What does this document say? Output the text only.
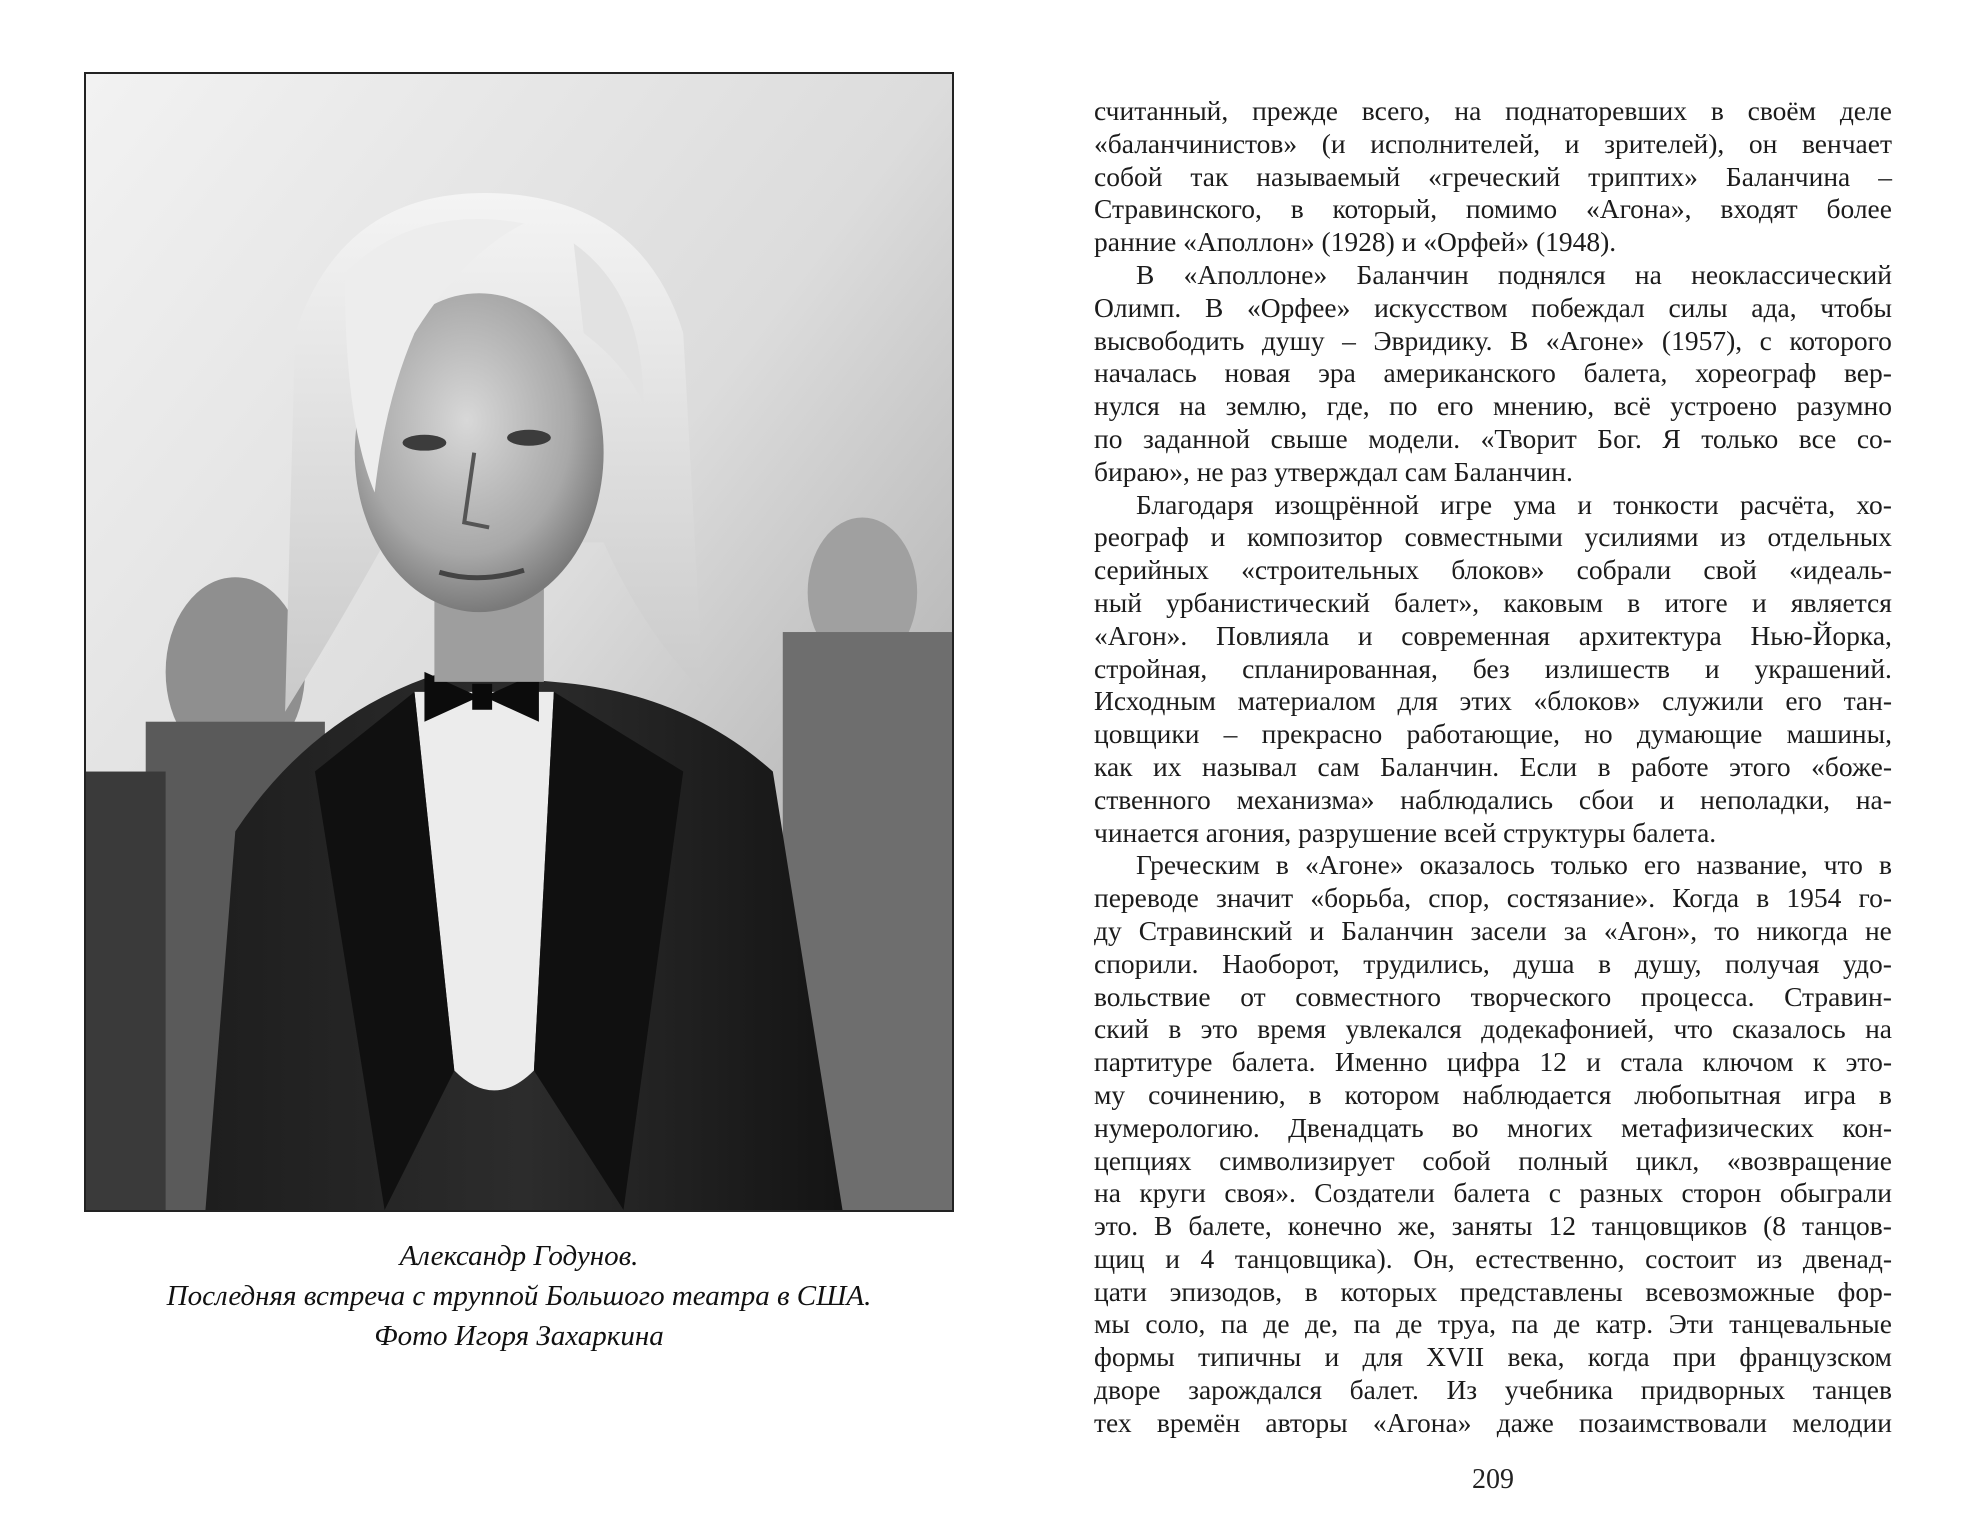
Александр Годунов.
Последняя встреча с труппой Большого театра в США.
Фото Игоря Захаркина

считанный, прежде всего, на поднаторевших в своём деле
«баланчинистов» (и исполнителей, и зрителей), он венчает
собой так называемый «греческий триптих» Баланчина –
Стравинского, в который, помимо «Агона», входят более
ранние «Аполлон» (1928) и «Орфей» (1948).

В «Аполлоне» Баланчин поднялся на неоклассический
Олимп. В «Орфее» искусством побеждал силы ада, чтобы
высвободить душу – Эвридику. В «Агоне» (1957), с которого
началась новая эра американского балета, хореограф вер-
нулся на землю, где, по его мнению, всё устроено разумно
по заданной свыше модели. «Творит Бог. Я только все со-
бираю», не раз утверждал сам Баланчин.

Благодаря изощрённой игре ума и тонкости расчёта, хо-
реограф и композитор совместными усилиями из отдельных
серийных «строительных блоков» собрали свой «идеаль-
ный урбанистический балет», каковым в итоге и является
«Агон». Повлияла и современная архитектура Нью-Йорка,
стройная, спланированная, без излишеств и украшений.
Исходным материалом для этих «блоков» служили его тан-
цовщики – прекрасно работающие, но думающие машины,
как их называл сам Баланчин. Если в работе этого «боже-
ственного механизма» наблюдались сбои и неполадки, на-
чинается агония, разрушение всей структуры балета.

Греческим в «Агоне» оказалось только его название, что в
переводе значит «борьба, спор, состязание». Когда в 1954 го-
ду Стравинский и Баланчин засели за «Агон», то никогда не
спорили. Наоборот, трудились, душа в душу, получая удо-
вольствие от совместного творческого процесса. Стравин-
ский в это время увлекался додекафонией, что сказалось на
партитуре балета. Именно цифра 12 и стала ключом к это-
му сочинению, в котором наблюдается любопытная игра в
нумерологию. Двенадцать во многих метафизических кон-
цепциях символизирует собой полный цикл, «возвращение
на круги своя». Создатели балета с разных сторон обыграли
это. В балете, конечно же, заняты 12 танцовщиков (8 танцов-
щиц и 4 танцовщика). Он, естественно, состоит из двенад-
цати эпизодов, в которых представлены всевозможные фор-
мы соло, па де де, па де труа, па де катр. Эти танцевальные
формы типичны и для XVII века, когда при французском
дворе зарождался балет. Из учебника придворных танцев
тех времён авторы «Агона» даже позаимствовали мелодии

209
